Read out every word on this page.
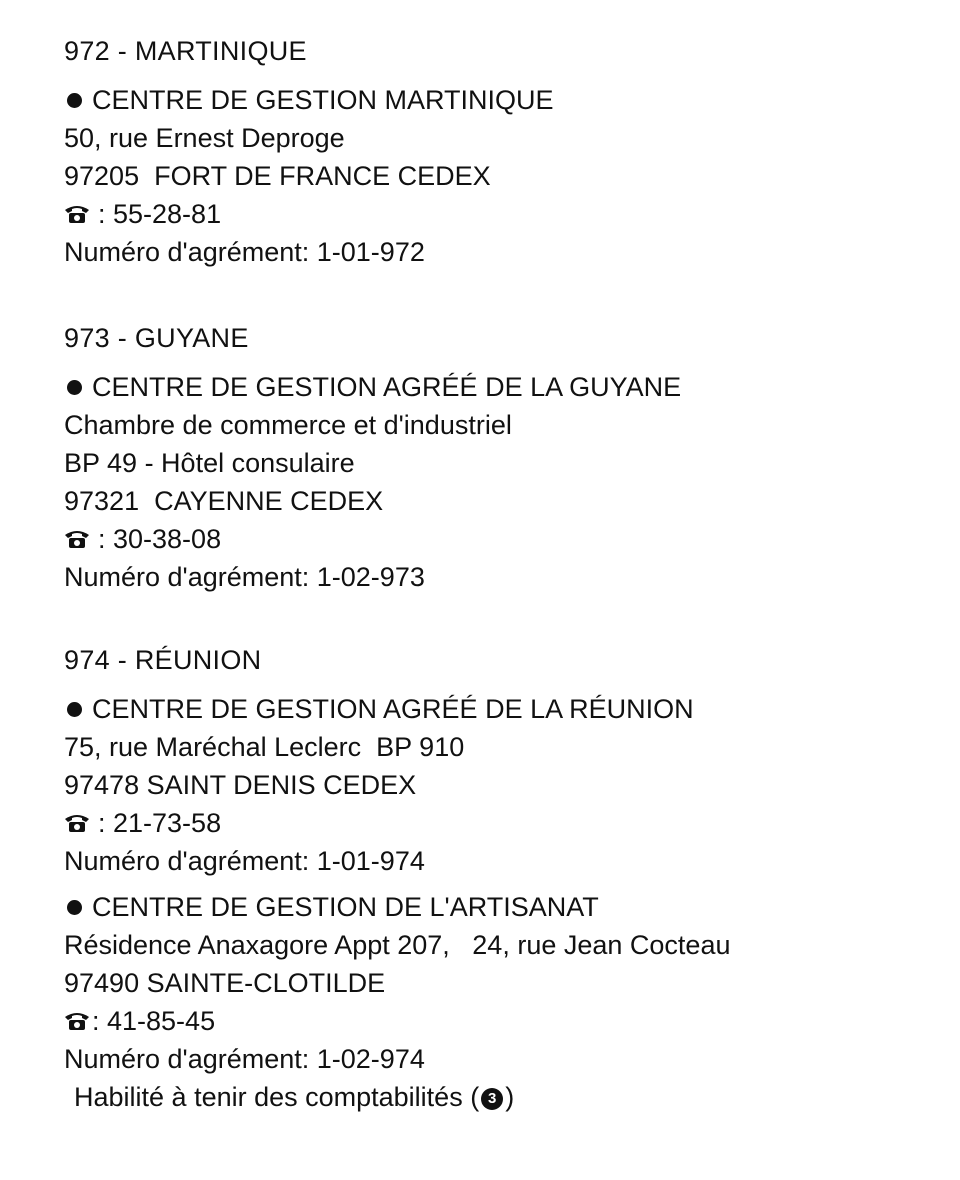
972 - MARTINIQUE
CENTRE DE GESTION MARTINIQUE
50, rue Ernest Deproge
97205  FORT DE FRANCE CEDEX
: 55-28-81
Numéro d'agrément: 1-01-972
973 - GUYANE
CENTRE DE GESTION AGRÉÉ DE LA GUYANE
Chambre de commerce et d'industriel
BP 49 - Hôtel consulaire
97321  CAYENNE CEDEX
: 30-38-08
Numéro d'agrément: 1-02-973
974 - RÉUNION
CENTRE DE GESTION AGRÉÉ DE LA RÉUNION
75, rue Maréchal Leclerc  BP 910
97478 SAINT DENIS CEDEX
: 21-73-58
Numéro d'agrément: 1-01-974
CENTRE DE GESTION DE L'ARTISANAT
Résidence Anaxagore Appt 207,   24, rue Jean Cocteau
97490 SAINTE-CLOTILDE
: 41-85-45
Numéro d'agrément: 1-02-974
Habilité à tenir des comptabilités ( 3 )
